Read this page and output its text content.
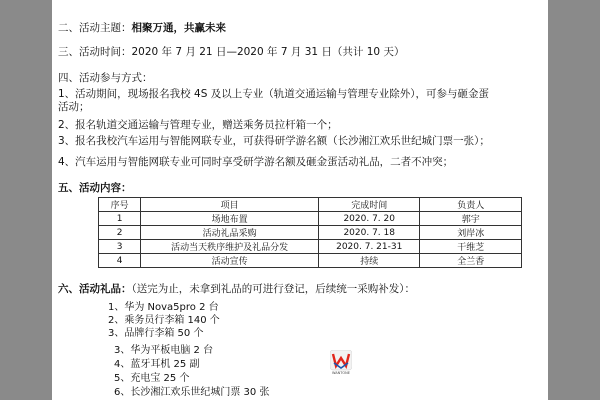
二、活动主题：相聚万通，共赢未来
三、活动时间：2020 年 7 月 21 日—2020 年 7 月 31 日（共计 10 天）
四、活动参与方式：
1、活动期间，现场报名我校 4S 及以上专业（轨道交通运输与管理专业除外），可参与砸金蛋活动；
2、报名轨道交通运输与管理专业，赠送乘务员拉杆箱一个；
3、报名我校汽车运用与智能网联专业，可获得研学游名额（长沙湘江欢乐世纪城门票一张）；
4、汽车运用与智能网联专业可同时享受研学游名额及砸金蛋活动礼品，二者不冲突；
五、活动内容：
序号	项目	完成时间	负责人
1	场地布置	2020. 7. 20	郭宇
2	活动礼品采购	2020. 7. 18	刘岸冰
3	活动当天秩序维护及礼品分发	2020. 7. 21-31	干维芝
4	活动宣传	持续	全兰香
六、活动礼品：（送完为止，未拿到礼品的可进行登记，后续统一采购补发）：
1、华为 Nova5pro 2 台
2、乘务员行李箱 140 个
3、品牌行李箱 50 个
3、华为平板电脑 2 台
4、蓝牙耳机 25 副
5、充电宝 25 个
6、长沙湘江欢乐世纪城门票 30 张
WANTONE
